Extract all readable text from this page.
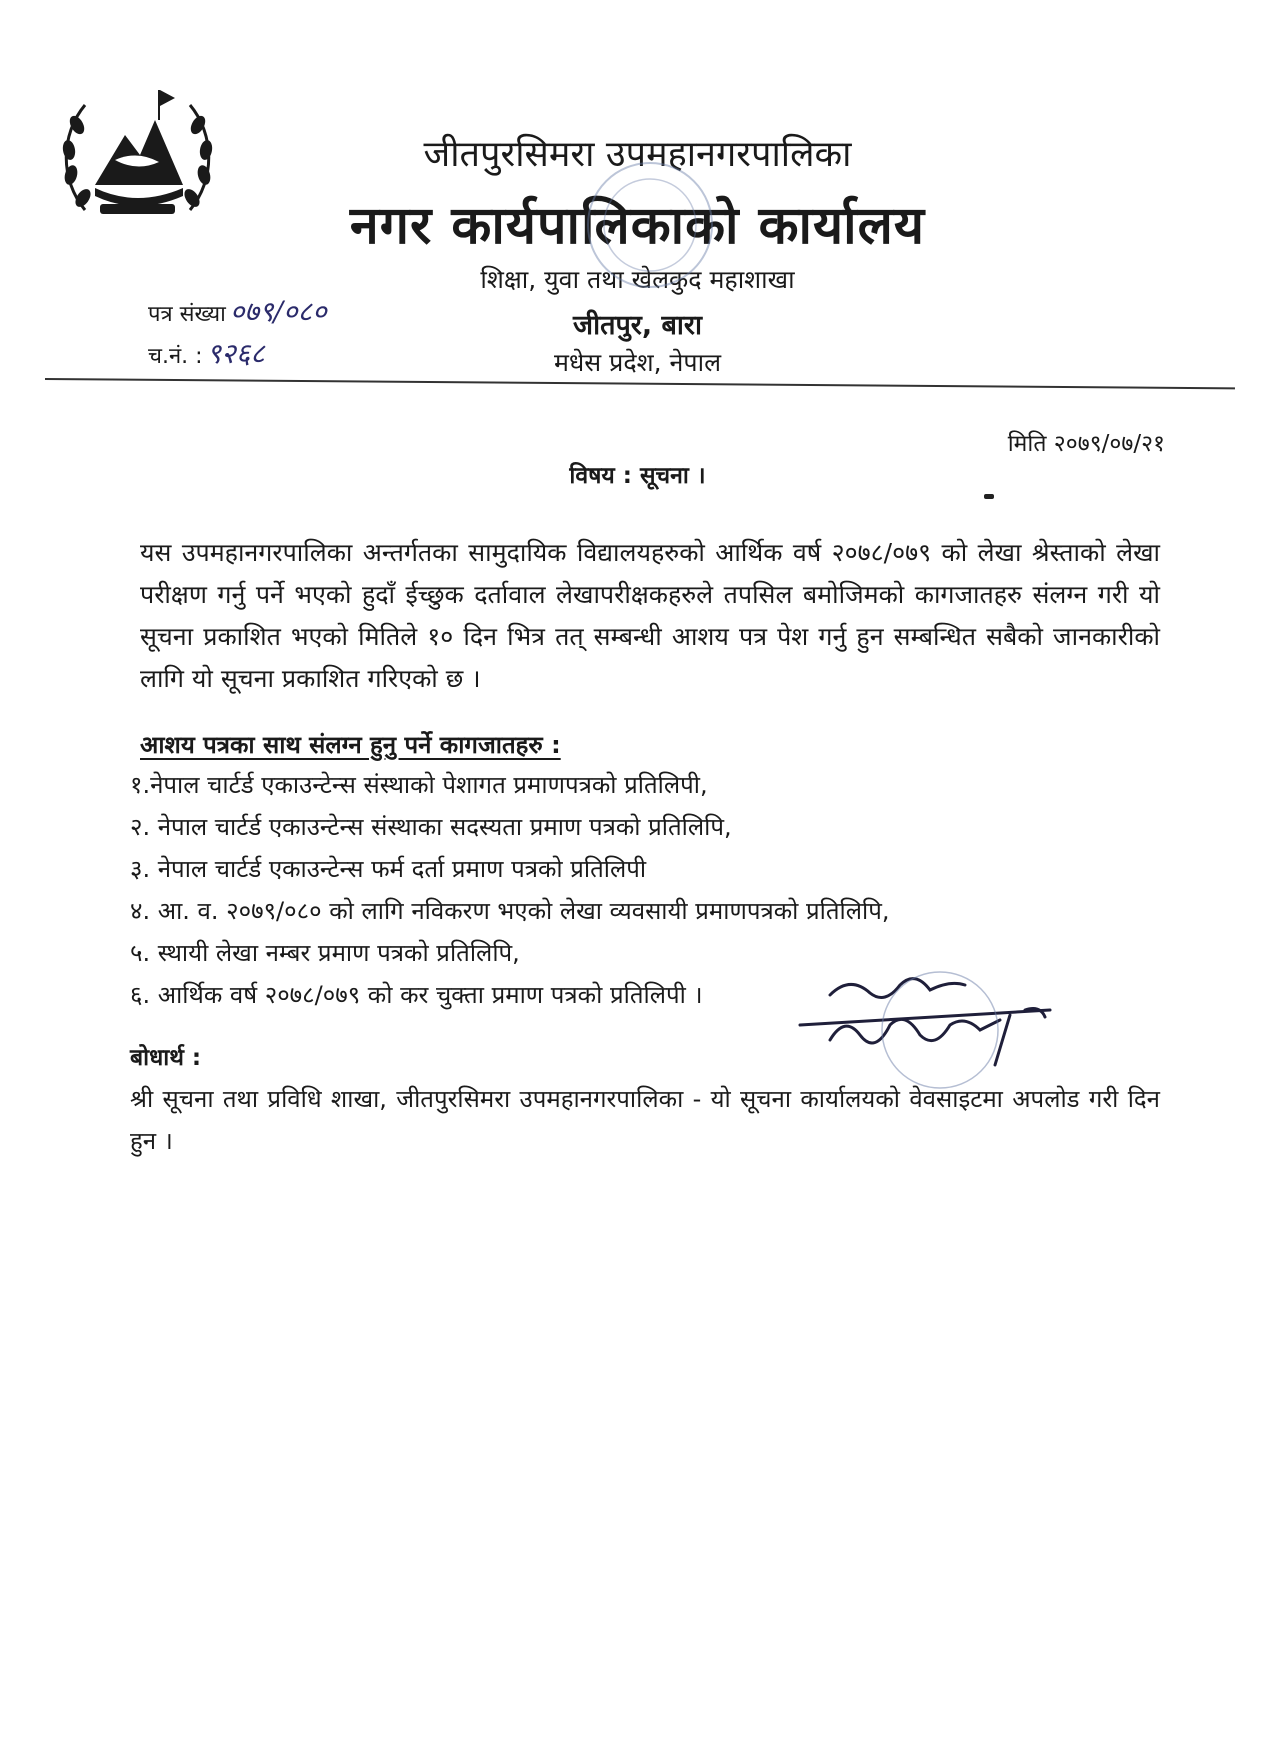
जीतपुरसिमरा उपमहानगरपालिका
नगर कार्यपालिकाको कार्यालय
शिक्षा, युवा तथा खेलकुद महाशाखा
जीतपुर, बारा
मधेस प्रदेश, नेपाल
पत्र संख्या ०७९/०८०
च.नं. : ९२६८
मिति २०७९/०७/२१
विषय : सूचना ।
यस उपमहानगरपालिका अन्तर्गतका सामुदायिक विद्यालयहरुको आर्थिक वर्ष २०७८/०७९ को लेखा श्रेस्ताको लेखा परीक्षण गर्नु पर्ने भएको हुदाँ ईच्छुक दर्तावाल लेखापरीक्षकहरुले तपसिल बमोजिमको कागजातहरु संलग्न गरी यो सूचना प्रकाशित भएको मितिले १० दिन भित्र तत् सम्बन्धी आशय पत्र पेश गर्नु हुन सम्बन्धित सबैको जानकारीको लागि यो सूचना प्रकाशित गरिएको छ ।
आशय पत्रका साथ संलग्न हुनु पर्ने कागजातहरु :
१.नेपाल चार्टर्ड एकाउन्टेन्स संस्थाको पेशागत प्रमाणपत्रको प्रतिलिपी,
२. नेपाल चार्टर्ड एकाउन्टेन्स संस्थाका सदस्यता प्रमाण पत्रको प्रतिलिपि,
३. नेपाल चार्टर्ड एकाउन्टेन्स फर्म दर्ता प्रमाण पत्रको प्रतिलिपी
४. आ. व. २०७९/०८० को लागि नविकरण भएको लेखा व्यवसायी प्रमाणपत्रको प्रतिलिपि,
५. स्थायी लेखा नम्बर प्रमाण पत्रको प्रतिलिपि,
६. आर्थिक वर्ष २०७८/०७९ को कर चुक्ता प्रमाण पत्रको प्रतिलिपी ।
बोधार्थ :
श्री सूचना तथा प्रविधि शाखा, जीतपुरसिमरा उपमहानगरपालिका - यो सूचना कार्यालयको वेवसाइटमा अपलोड गरी दिन हुन ।
